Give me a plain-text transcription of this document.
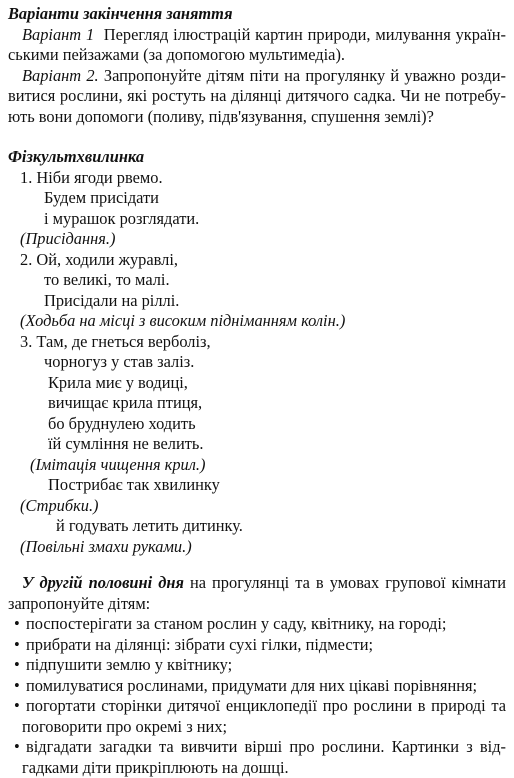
Варіанти закінчення заняття

Варіант 1 Перегляд ілюстрацій картин природи, милування україн-ськими пейзажами (за допомогою мультимедіа).

Варіант 2. Запропонуйте дітям піти на прогулянку й уважно розди-витися рослини, які ростуть на ділянці дитячого садка. Чи не потребу-ють вони допомоги (поливу, підв'язування, спушення землі)?

Фізкультхвилинка

1. Ніби ягоди рвемо.

Будем присідати

і мурашок розглядати.

(Присідання.)

2. Ой, ходили журавлі,

то великі, то малі.

Присідали на ріллі.

(Ходьба на місці з високим підніманням колін.)

3. Там, де гнеться верболіз,

чорногуз у став заліз.

Крила миє у водиці,

вичищає крила птиця,

бо бруднулею ходить

їй сумління не велить.

(Імітація чищення крил.)

Пострибає так хвилинку

(Стрибки.)

й годувать летить дитинку.

(Повільні змахи руками.)

У другій половині дня на прогулянці та в умовах групової кімнати запропонуйте дітям:

• поспостерігати за станом рослин у саду, квітнику, на городі;

• прибрати на ділянці: зібрати сухі гілки, підмести;

• підпушити землю у квітнику;

• помилуватися рослинами, придумати для них цікаві порівняння;

• погортати сторінки дитячої енциклопедії про рослини в природі та поговорити про окремі з них;

• відгадати загадки та вивчити вірші про рослини. Картинки з від-гадками діти прикріплюють на дошці.
